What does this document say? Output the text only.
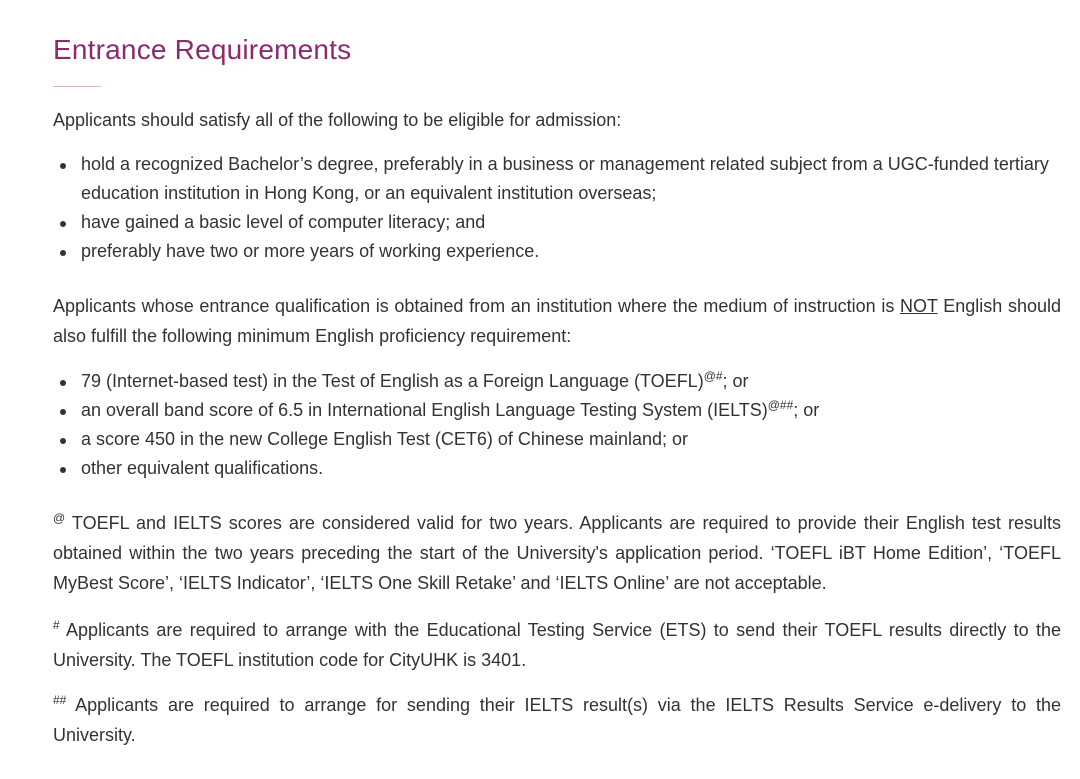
Entrance Requirements

Applicants should satisfy all of the following to be eligible for admission:

hold a recognized Bachelor’s degree, preferably in a business or management related subject from a UGC-funded tertiary education institution in Hong Kong, or an equivalent institution overseas;
have gained a basic level of computer literacy; and
preferably have two or more years of working experience.

Applicants whose entrance qualification is obtained from an institution where the medium of instruction is NOT English should also fulfill the following minimum English proficiency requirement:

79 (Internet-based test) in the Test of English as a Foreign Language (TOEFL)@#; or
an overall band score of 6.5 in International English Language Testing System (IELTS)@##; or
a score 450 in the new College English Test (CET6) of Chinese mainland; or
other equivalent qualifications.

@ TOEFL and IELTS scores are considered valid for two years. Applicants are required to provide their English test results obtained within the two years preceding the start of the University's application period. ‘TOEFL iBT Home Edition’, ‘TOEFL MyBest Score’, ‘IELTS Indicator’, ‘IELTS One Skill Retake’ and ‘IELTS Online’ are not acceptable.

# Applicants are required to arrange with the Educational Testing Service (ETS) to send their TOEFL results directly to the University. The TOEFL institution code for CityUHK is 3401.

## Applicants are required to arrange for sending their IELTS result(s) via the IELTS Results Service e-delivery to the University.
